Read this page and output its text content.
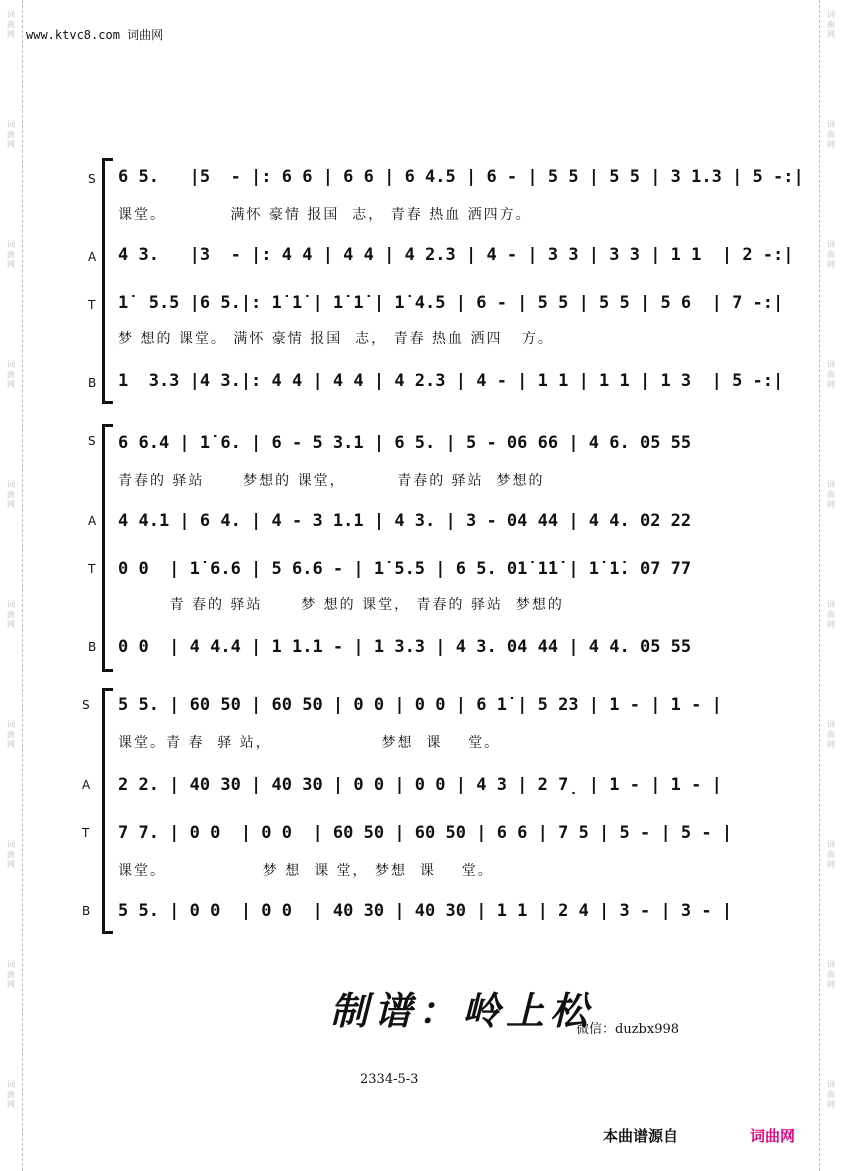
词曲网
词曲网
词曲网
词曲网
词曲网
词曲网
词曲网
词曲网
词曲网
词曲网
词曲网
词曲网
词曲网
词曲网
词曲网
词曲网
词曲网
词曲网
词曲网
词曲网
www.ktvc8.com 词曲网
S
A
T
B
6 5.   |5  - |: 6 6 | 6 6 | 6 4.5 | 6 - | 5 5 | 5 5 | 3 1.3 | 5 -:|
课堂。          满怀 豪情 报国  志， 青春 热血 洒四方。
4 3.   |3  - |: 4 4 | 4 4 | 4 2.3 | 4 - | 3 3 | 3 3 | 1 1  | 2 -:|
1̇  5.5 |6 5.|: 1̇ 1̇ | 1̇ 1̇ | 1̇ 4.5 | 6 - | 5 5 | 5 5 | 5 6  | 7 -:|
梦 想的 课堂。 满怀 豪情 报国  志， 青春 热血 洒四   方。
1  3.3 |4 3.|: 4 4 | 4 4 | 4 2.3 | 4 - | 1 1 | 1 1 | 1 3  | 5 -:|
S
A
T
B
6 6.4 | 1̇ 6. | 6 - 5 3.1 | 6 5. | 5 - 06 66 | 4 6. 05 55
青春的 驿站      梦想的 课堂，        青春的 驿站  梦想的
4 4.1 | 6 4. | 4 - 3 1.1 | 4 3. | 3 - 04 44 | 4 4. 02 22
0 0  | 1̇ 6.6 | 5 6.6 - | 1̇ 5.5 | 6 5. 01̇ 1̇1̇ | 1̇ 1̇. 07 77
青 春的 驿站      梦 想的 课堂， 青春的 驿站  梦想的
0 0  | 4 4.4 | 1 1.1 - | 1 3.3 | 4 3. 04 44 | 4 4. 05 55
S
A
T
B
5 5. | 60 50 | 60 50 | 0 0 | 0 0 | 6 1̇ | 5 23 | 1 - | 1 - |
课堂。青 春  驿 站，                 梦想  课    堂。
2 2. | 40 30 | 40 30 | 0 0 | 0 0 | 4 3 | 2 7̣ | 1 - | 1 - |
7 7. | 0 0  | 0 0  | 60 50 | 60 50 | 6 6 | 7 5 | 5 - | 5 - |
课堂。               梦 想  课 堂， 梦想  课    堂。
5 5. | 0 0  | 0 0  | 40 30 | 40 30 | 1 1 | 2 4 | 3 - | 3 - |
制谱：岭上松
微信：duzbx998
2334-5-3
本曲谱源自	词曲网
